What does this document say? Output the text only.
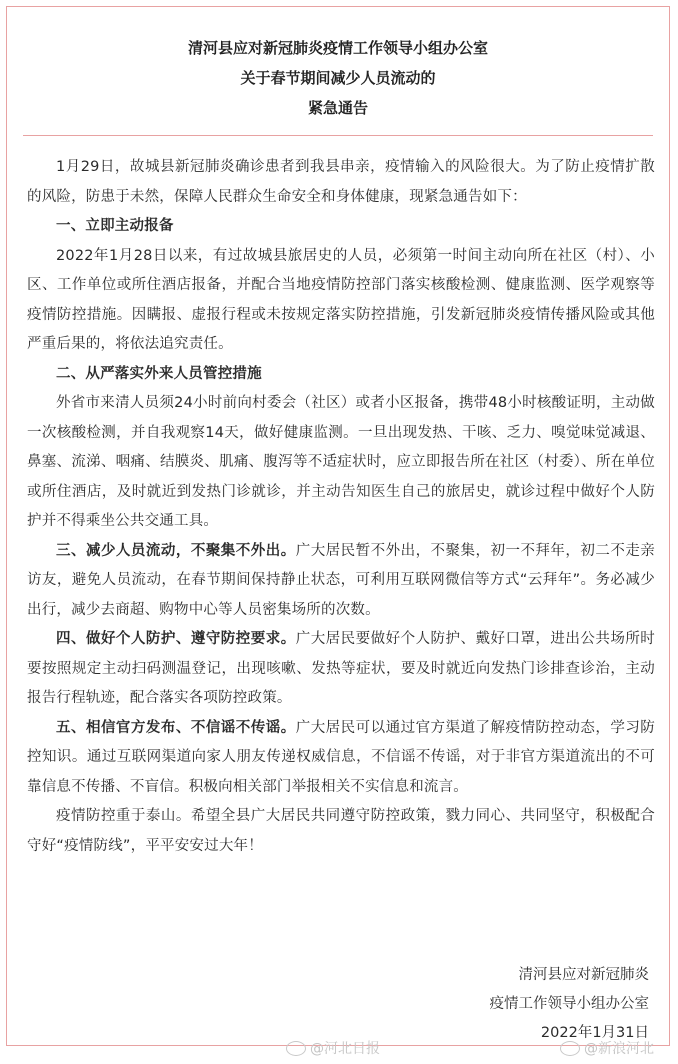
清河县应对新冠肺炎疫情工作领导小组办公室
关于春节期间减少人员流动的
紧急通告

1月29日，故城县新冠肺炎确诊患者到我县串亲，疫情输入的风险很大。为了防止疫情扩散的风险，防患于未然，保障人民群众生命安全和身体健康，现紧急通告如下：

一、立即主动报备

2022年1月28日以来，有过故城县旅居史的人员，必须第一时间主动向所在社区（村）、小区、工作单位或所住酒店报备，并配合当地疫情防控部门落实核酸检测、健康监测、医学观察等疫情防控措施。因瞒报、虚报行程或未按规定落实防控措施，引发新冠肺炎疫情传播风险或其他严重后果的，将依法追究责任。

二、从严落实外来人员管控措施

外省市来清人员须24小时前向村委会（社区）或者小区报备，携带48小时核酸证明，主动做一次核酸检测，并自我观察14天，做好健康监测。一旦出现发热、干咳、乏力、嗅觉味觉减退、鼻塞、流涕、咽痛、结膜炎、肌痛、腹泻等不适症状时，应立即报告所在社区（村委）、所在单位或所住酒店，及时就近到发热门诊就诊，并主动告知医生自己的旅居史，就诊过程中做好个人防护并不得乘坐公共交通工具。

三、减少人员流动，不聚集不外出。广大居民暂不外出，不聚集，初一不拜年，初二不走亲访友，避免人员流动，在春节期间保持静止状态，可利用互联网微信等方式“云拜年”。务必减少出行，减少去商超、购物中心等人员密集场所的次数。

四、做好个人防护、遵守防控要求。广大居民要做好个人防护、戴好口罩，进出公共场所时要按照规定主动扫码测温登记，出现咳嗽、发热等症状，要及时就近向发热门诊排查诊治，主动报告行程轨迹，配合落实各项防控政策。

五、相信官方发布、不信谣不传谣。广大居民可以通过官方渠道了解疫情防控动态，学习防控知识。通过互联网渠道向家人朋友传递权威信息，不信谣不传谣，对于非官方渠道流出的不可靠信息不传播、不盲信。积极向相关部门举报相关不实信息和流言。

疫情防控重于泰山。希望全县广大居民共同遵守防控政策，戮力同心、共同坚守，积极配合守好“疫情防线”，平平安安过大年！

清河县应对新冠肺炎
疫情工作领导小组办公室
2022年1月31日
@河北日报	@新浪河北
